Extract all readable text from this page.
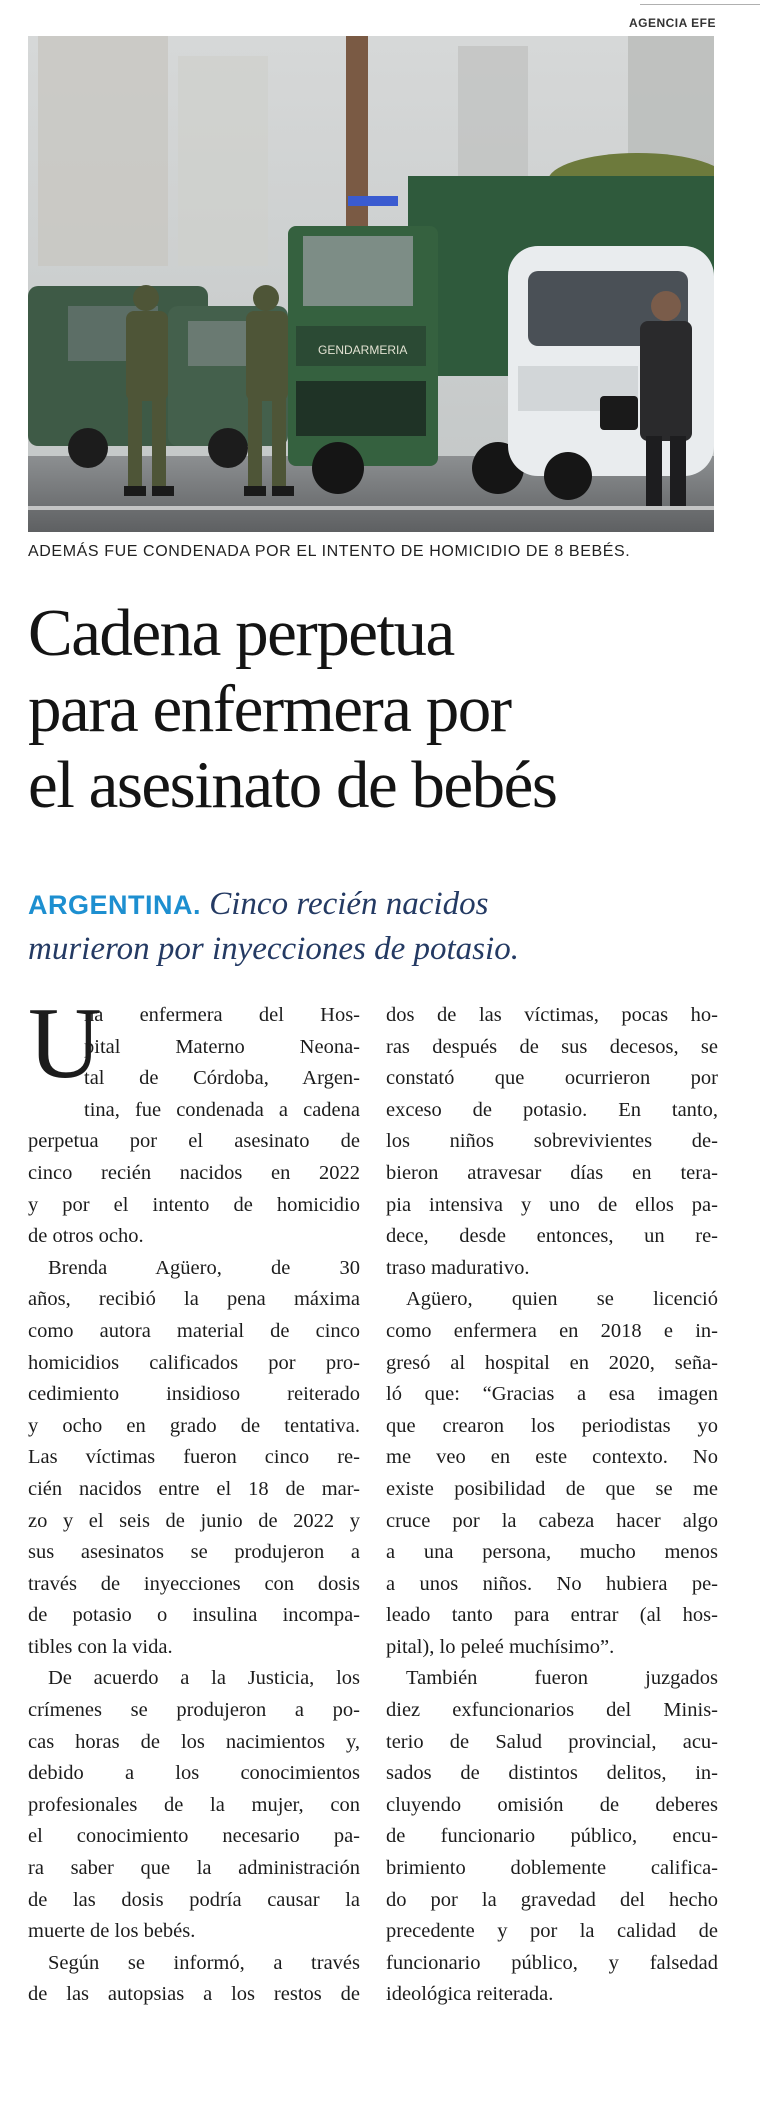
AGENCIA EFE
GENDARMERIA
ADEMÁS FUE CONDENADA POR EL INTENTO DE HOMICIDIO DE 8 BEBÉS.
Cadena perpetua
para enfermera por
el asesinato de bebés
ARGENTINA. Cinco recién nacidos
murieron por inyecciones de potasio.
U
na enfermera del Hos-
pital Materno Neona-
tal de Córdoba, Argen-

tina, fue condenada a cadena
perpetua por el asesinato de
cinco recién nacidos en 2022
y por el intento de homicidio
de otros ocho.

Brenda Agüero, de 30
años, recibió la pena máxima
como autora material de cinco
homicidios calificados por pro-
cedimiento insidioso reiterado
y ocho en grado de tentativa.
Las víctimas fueron cinco re-
cién nacidos entre el 18 de mar-
zo y el seis de junio de 2022 y
sus asesinatos se produjeron a
través de inyecciones con dosis
de potasio o insulina incompa-
tibles con la vida.

De acuerdo a la Justicia, los
crímenes se produjeron a po-
cas horas de los nacimientos y,
debido a los conocimientos
profesionales de la mujer, con
el conocimiento necesario pa-
ra saber que la administración
de las dosis podría causar la
muerte de los bebés.

Según se informó, a través
de las autopsias a los restos de

dos de las víctimas, pocas ho-
ras después de sus decesos, se
constató que ocurrieron por
exceso de potasio. En tanto,
los niños sobrevivientes de-
bieron atravesar días en tera-
pia intensiva y uno de ellos pa-
dece, desde entonces, un re-
traso madurativo.

Agüero, quien se licenció
como enfermera en 2018 e in-
gresó al hospital en 2020, seña-
ló que: “Gracias a esa imagen
que crearon los periodistas yo
me veo en este contexto. No
existe posibilidad de que se me
cruce por la cabeza hacer algo
a una persona, mucho menos
a unos niños. No hubiera pe-
leado tanto para entrar (al hos-
pital), lo peleé muchísimo”.

También fueron juzgados
diez exfuncionarios del Minis-
terio de Salud provincial, acu-
sados de distintos delitos, in-
cluyendo omisión de deberes
de funcionario público, encu-
brimiento doblemente califica-
do por la gravedad del hecho
precedente y por la calidad de
funcionario público, y falsedad
ideológica reiterada.
